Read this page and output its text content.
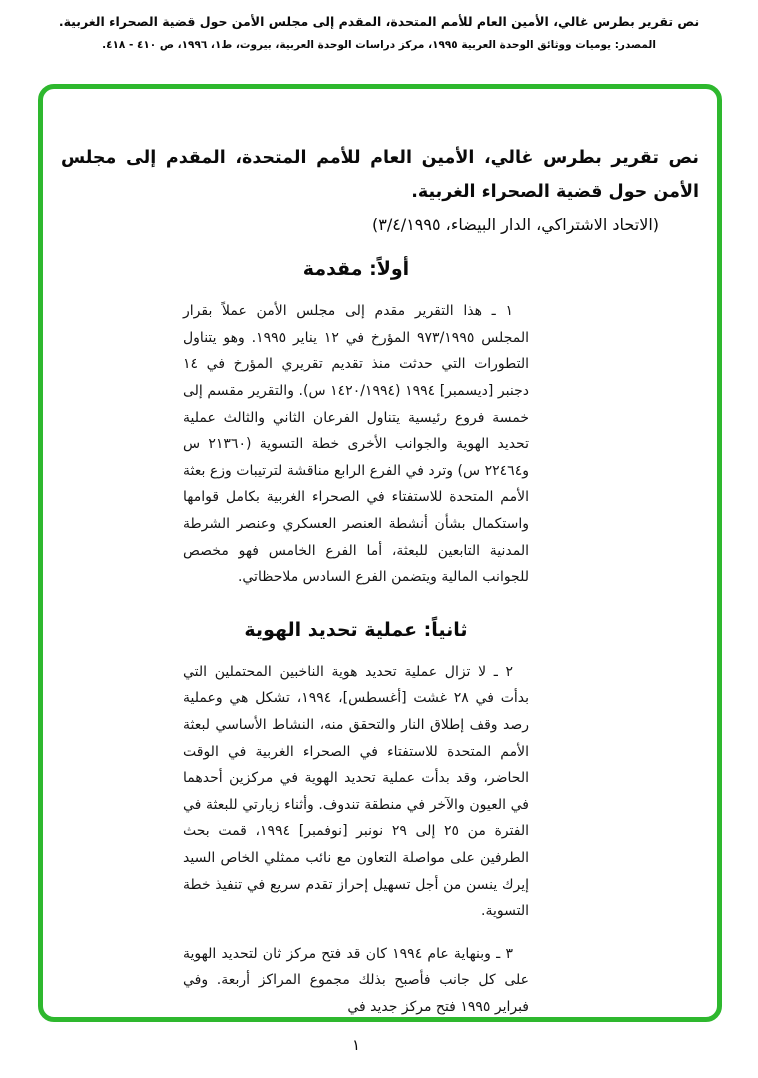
نص تقرير بطرس غالي، الأمين العام للأمم المتحدة، المقدم إلى مجلس الأمن حول قضية الصحراء الغربية.
المصدر: يوميات ووثائق الوحدة العربية ١٩٩٥، مركز دراسات الوحدة العربية، بيروت، ط١، ١٩٩٦، ص ٤١٠ - ٤١٨.
نص تقرير بطرس غالي، الأمين العام للأمم المتحدة، المقدم إلى مجلس الأمن حول قضية الصحراء الغربية.
(الاتحاد الاشتراكي، الدار البيضاء، ٣/٤/١٩٩٥)
أولاً: مقدمة

١ ـ هذا التقرير مقدم إلى مجلس الأمن عملاً بقرار المجلس ٩٧٣/١٩٩٥ المؤرخ في ١٢ يناير ١٩٩٥. وهو يتناول التطورات التي حدثت منذ تقديم تقريري المؤرخ في ١٤ دجنبر [ديسمبر] ١٩٩٤ (١٤٢٠/١٩٩٤ س). والتقرير مقسم إلى خمسة فروع رئيسية يتناول الفرعان الثاني والثالث عملية تحديد الهوية والجوانب الأخرى خطة التسوية (٢١٣٦٠ س و٢٢٤٦٤ س) وترد في الفرع الرابع مناقشة لترتيبات وزع بعثة الأمم المتحدة للاستفتاء في الصحراء الغربية بكامل قوامها واستكمال بشأن أنشطة العنصر العسكري وعنصر الشرطة المدنية التابعين للبعثة، أما الفرع الخامس فهو مخصص للجوانب المالية ويتضمن الفرع السادس ملاحظاتي.

ثانياً: عملية تحديد الهوية

٢ ـ لا تزال عملية تحديد هوية الناخبين المحتملين التي بدأت في ٢٨ غشت [أغسطس]، ١٩٩٤، تشكل هي وعملية رصد وقف إطلاق النار والتحقق منه، النشاط الأساسي لبعثة الأمم المتحدة للاستفتاء في الصحراء الغربية في الوقت الحاضر، وقد بدأت عملية تحديد الهوية في مركزين أحدهما في العيون والآخر في منطقة تندوف. وأثناء زيارتي للبعثة في الفترة من ٢٥ إلى ٢٩ نونبر [نوفمبر] ١٩٩٤، قمت بحث الطرفين على مواصلة التعاون مع نائب ممثلي الخاص السيد إيرك ينسن من أجل تسهيل إحراز تقدم سريع في تنفيذ خطة التسوية.

٣ ـ وبنهاية عام ١٩٩٤ كان قد فتح مركز ثان لتحديد الهوية على كل جانب فأصبح بذلك مجموع المراكز أربعة. وفي فبراير ١٩٩٥ فتح مركز جديد في

١
